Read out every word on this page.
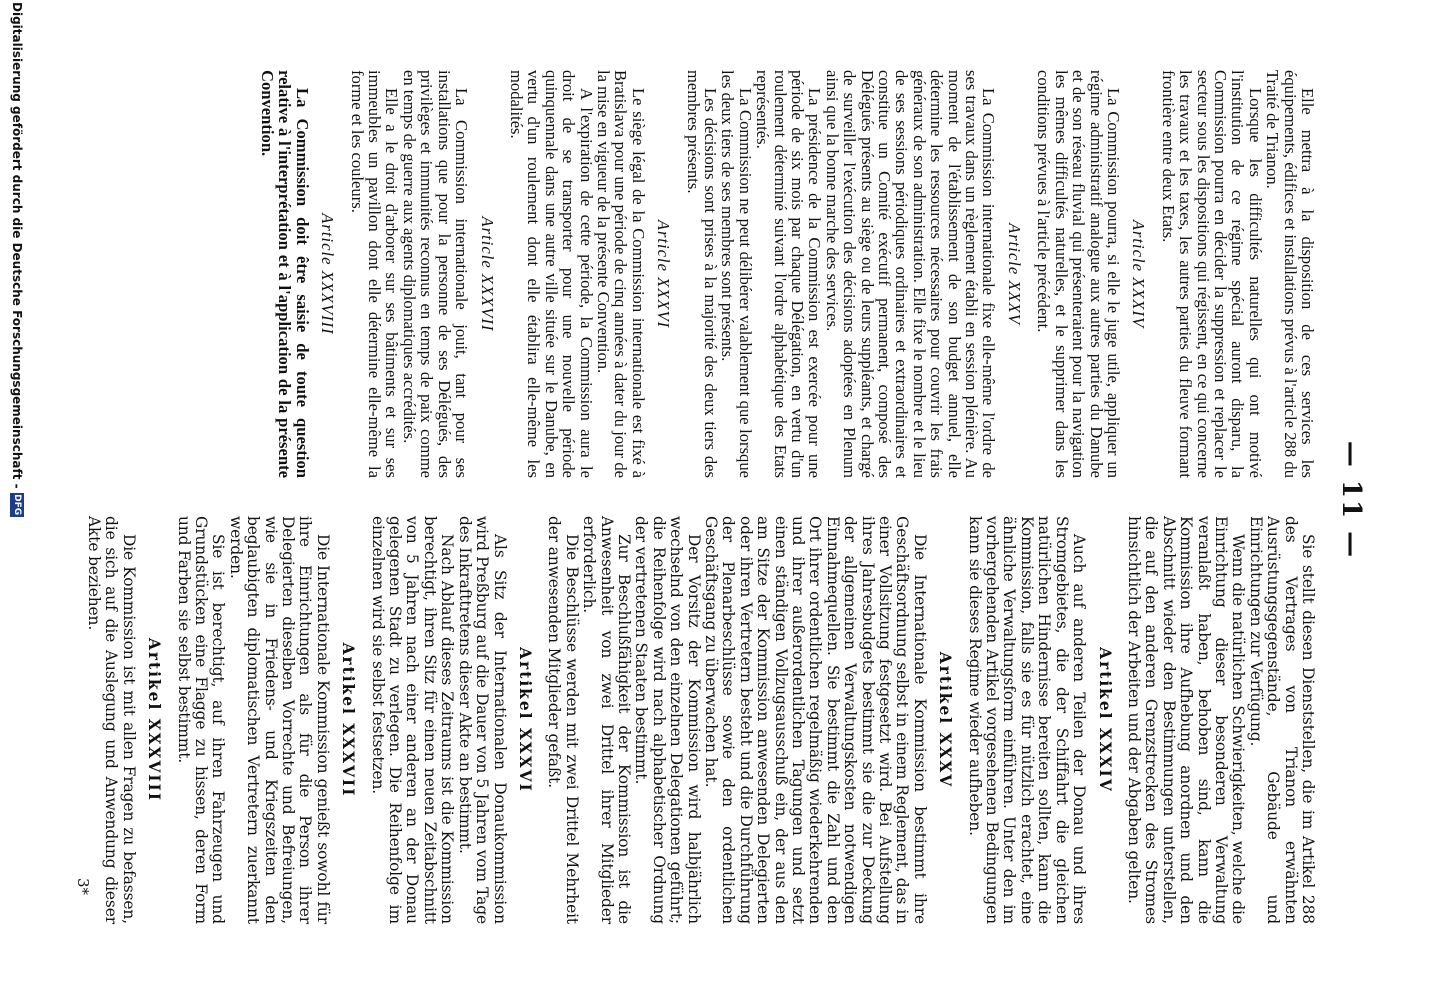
— 11 —

Elle mettra à la disposition de ces services les équipements, édifices et installations prévus à l'article 288 du Traité de Trianon.

Lorsque les difficultés naturelles qui ont motivé l'institution de ce régime spécial auront disparu, la Commission pourra en décider la suppression et replacer le secteur sous les dispositions qui régissent, en ce qui concerne les travaux et les taxes, les autres parties du fleuve formant frontière entre deux Etats.

Article XXXIV

La Commission pourra, si elle le juge utile, appliquer un régime administratif analogue aux autres parties du Danube et de son réseau fluvial qui présenteraient pour la navigation les mêmes difficultés naturelles, et le supprimer dans les conditions prévues à l'article précédent.

Article XXXV

La Commission internationale fixe elle-même l'ordre de ses travaux dans un règlement établi en session plénière. Au moment de l'établissement de son budget annuel, elle détermine les ressources nécessaires pour couvrir les frais généraux de son administration. Elle fixe le nombre et le lieu de ses sessions périodiques ordinaires et extraordinaires et constitue un Comité exécutif permanent, composé des Délégués présents au siège ou de leurs suppléants, et chargé de surveiller l'exécution des décisions adoptées en Plenum ainsi que la bonne marche des services.

La présidence de la Commission est exercée pour une période de six mois par chaque Délégation, en vertu d'un roulement déterminé suivant l'ordre alphabétique des Etats représentés.

La Commission ne peut délibérer valablement que lorsque les deux tiers de ses membres sont présents.

Les décisions sont prises à la majorité des deux tiers des membres présents.

Article XXXVI

Le siège légal de la Commission internationale est fixé à Bratislava pour une période de cinq années à dater du jour de la mise en vigueur de la présente Convention.

A l'expiration de cette période, la Commission aura le droit de se transporter pour une nouvelle période quinquennale dans une autre ville située sur le Danube, en vertu d'un roulement dont elle établira elle-même les modalités.

Article XXXVII

La Commission internationale jouit, tant pour ses installations que pour la personne de ses Délégués, des privilèges et immunités reconnus en temps de paix comme en temps de guerre aux agents diplomatiques accrédités.

Elle a le droit d'arborer sur ses bâtiments et sur ses immeubles un pavillon dont elle détermine elle-même la forme et les couleurs.

Article XXXVIII

La Commission doit être saisie de toute question relative à l'interprétation et à l'application de la présente Convention.

Sie stellt diesen Dienststellen, die im Artikel 288 des Vertrages von Trianon erwähnten Ausrüstungsgegenstände, Gebäude und Einrichtungen zur Verfügung.

Wenn die natürlichen Schwierigkeiten, welche die Einrichtung dieser besonderen Verwaltung veranlaßt haben, behoben sind, kann die Kommission ihre Aufhebung anordnen und den Abschnitt wieder den Bestimmungen unterstellen, die auf den anderen Grenzstrecken des Stromes hinsichtlich der Arbeiten und der Abgaben gelten.

Artikel XXXIV

Auch auf anderen Teilen der Donau und ihres Stromgebietes, die der Schiffahrt die gleichen natürlichen Hindernisse bereiten sollten, kann die Kommission, falls sie es für nützlich erachtet, eine ähnliche Verwaltungsform einführen. Unter den im vorhergehenden Artikel vorgesehenen Bedingungen kann sie dieses Regime wieder aufheben.

Artikel XXXV

Die Internationale Kommission bestimmt ihre Geschäftsordnung selbst in einem Reglement, das in einer Vollsitzung festgesetzt wird. Bei Aufstellung ihres Jahresbudgets bestimmt sie die zur Deckung der allgemeinen Verwaltungskosten notwendigen Einnahmequellen. Sie bestimmt die Zahl und den Ort ihrer ordentlichen regelmäßig wiederkehrenden und ihrer außerordentlichen Tagungen und setzt einen ständigen Vollzugsausschuß ein, der aus den am Sitze der Kommission anwesenden Delegierten oder ihren Vertretern besteht und die Durchführung der Plenarbeschlüsse sowie den ordentlichen Geschäftsgang zu überwachen hat.

Der Vorsitz der Kommission wird halbjährlich wechselnd von den einzelnen Delegationen geführt; die Reihenfolge wird nach alphabetischer Ordnung der vertretenen Staaten bestimmt.

Zur Beschlußfähigkeit der Kommission ist die Anwesenheit von zwei Drittel ihrer Mitglieder erforderlich.

Die Beschlüsse werden mit zwei Drittel Mehrheit der anwesenden Mitglieder gefaßt.

Artikel XXXVI

Als Sitz der Internationalen Donaukommission wird Preßburg auf die Dauer von 5 Jahren vom Tage des Inkrafttretens dieser Akte an bestimmt.

Nach Ablauf dieses Zeitraums ist die Kommission berechtigt, ihren Sitz für einen neuen Zeitabschnitt von 5 Jahren nach einer anderen an der Donau gelegenen Stadt zu verlegen. Die Reihenfolge im einzelnen wird sie selbst festsetzen.

Artikel XXXVII

Die Internationale Kommission genießt sowohl für ihre Einrichtungen als für die Person ihrer Delegierten dieselben Vorrechte und Befreiungen, wie sie in Friedens- und Kriegszeiten den beglaubigten diplomatischen Vertretern zuerkannt werden.

Sie ist berechtigt, auf ihren Fahrzeugen und Grundstücken eine Flagge zu hissen, deren Form und Farben sie selbst bestimmt.

Artikel XXXVIII

Die Kommission ist mit allen Fragen zu befassen, die sich auf die Auslegung und Anwendung dieser Akte beziehen.

3*
Digitalisierung gefördert durch die Deutsche Forschungsgemeinschaft -
DFG
